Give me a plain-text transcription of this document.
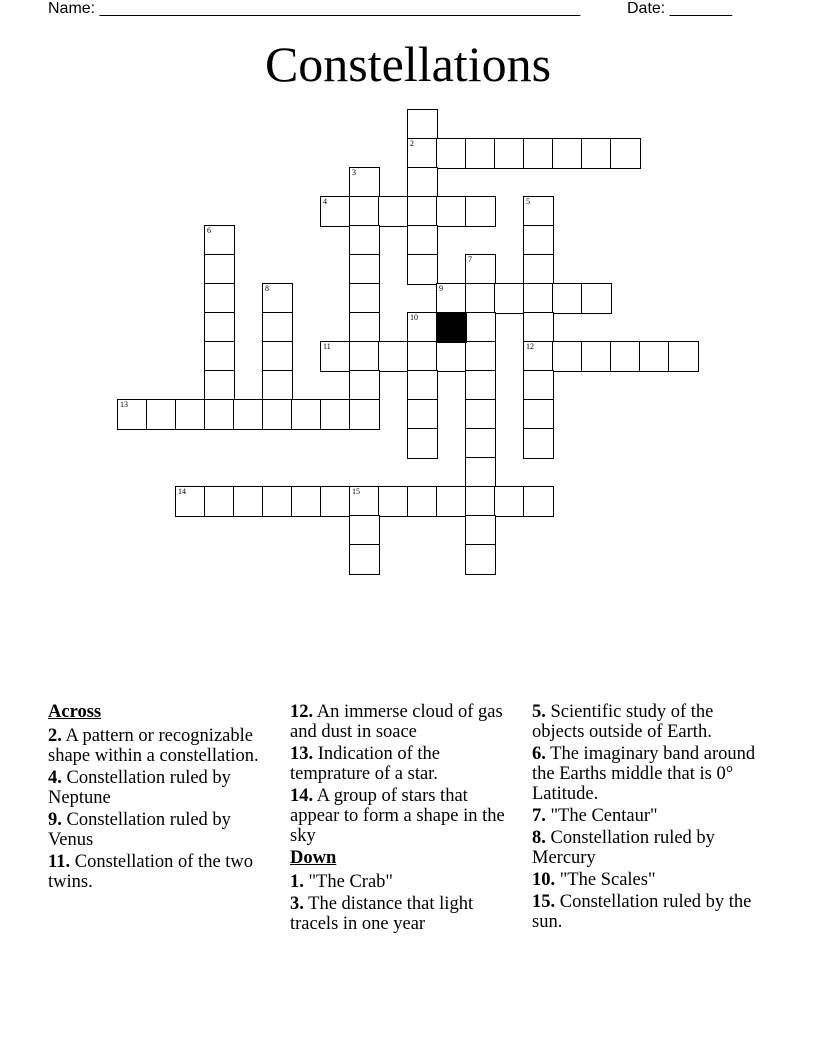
Name: ______________________________________________________	Date: _______
Constellations
2
3
4	5
6
7
8	9
10
11	12
13
14	15
Across
2. A pattern or recognizable shape within a constellation.
4. Constellation ruled by Neptune
9. Constellation ruled by Venus
11. Constellation of the two twins.
12. An immerse cloud of gas and dust in soace
13. Indication of the temprature of a star.
14. A group of stars that appear to form a shape in the sky
Down
1. "The Crab"
3. The distance that light tracels in one year
5. Scientific study of the objects outside of Earth.
6. The imaginary band around the Earths middle that is 0° Latitude.
7. "The Centaur"
8. Constellation ruled by Mercury
10. "The Scales"
15. Constellation ruled by the sun.
